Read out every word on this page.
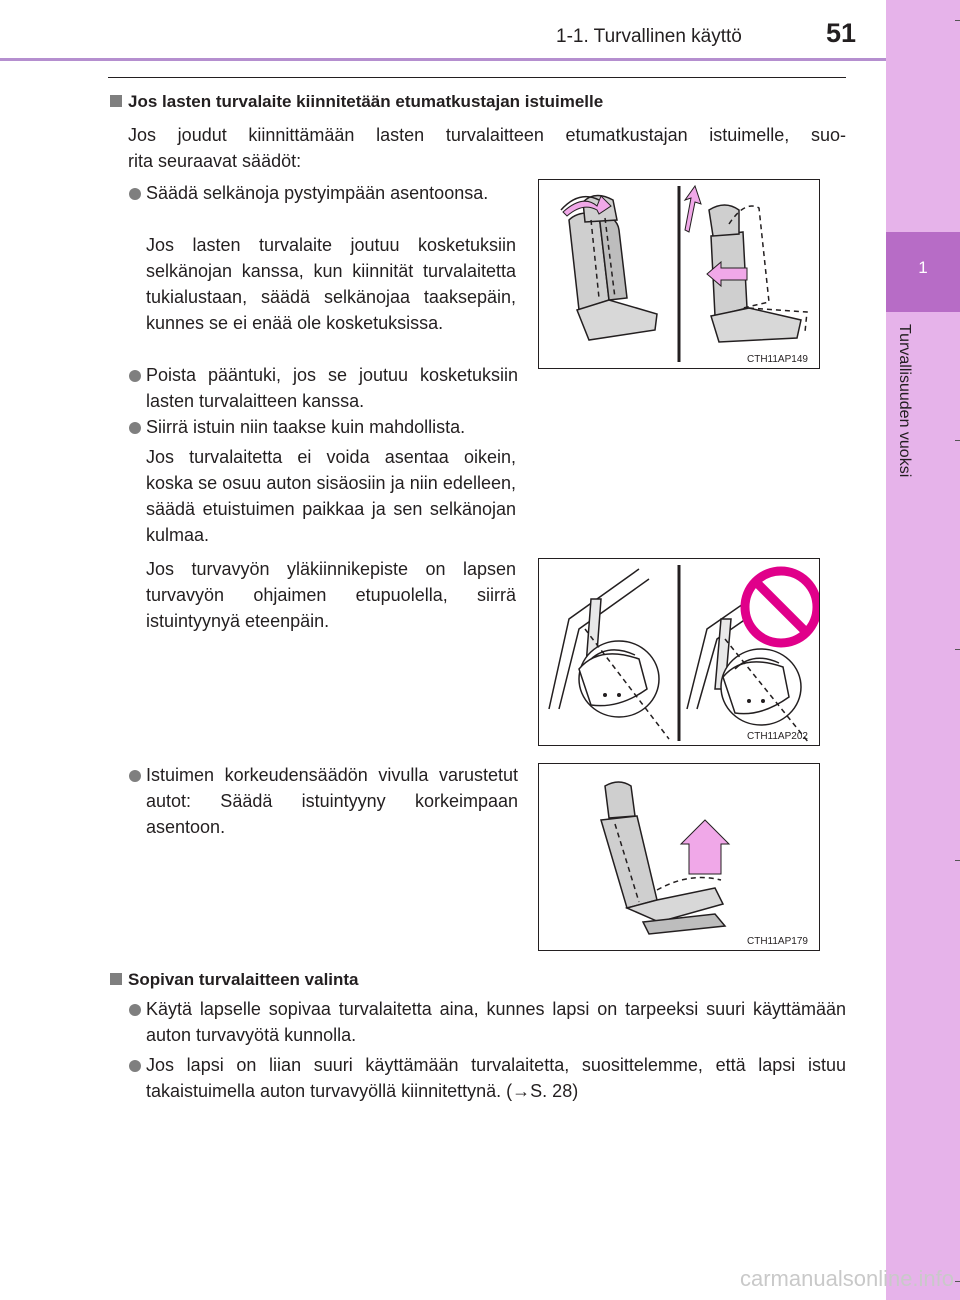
1-1. Turvallinen käyttö	51
1
Turvallisuuden vuoksi
Jos lasten turvalaite kiinnitetään etumatkustajan istuimelle
Jos joudut kiinnittämään lasten turvalaitteen etumatkustajan istuimelle, suo-
rita seuraavat säädöt:
Säädä selkänoja pystyimpään asentoonsa.
Jos lasten turvalaite joutuu kosketuksiin selkänojan kanssa, kun kiinnität turvalaitetta tukialustaan, säädä selkänojaa taaksepäin, kunnes se ei enää ole kosketuksissa.
Poista pääntuki, jos se joutuu kosketuksiin lasten turvalaitteen kanssa.
Siirrä istuin niin taakse kuin mahdollista.
Jos turvalaitetta ei voida asentaa oikein, koska se osuu auton sisäosiin ja niin edelleen, säädä etuistuimen paikkaa ja sen selkänojan kulmaa.
Jos turvavyön yläkiinnikepiste on lapsen turvavyön ohjaimen etupuolella, siirrä istuintyynyä eteenpäin.
Istuimen korkeudensäädön vivulla varustetut autot: Säädä istuintyyny korkeimpaan asentoon.
CTH11AP149
CTH11AP202
CTH11AP179
Sopivan turvalaitteen valinta
Käytä lapselle sopivaa turvalaitetta aina, kunnes lapsi on tarpeeksi suuri käyttämään auton turvavyötä kunnolla.
Jos lapsi on liian suuri käyttämään turvalaitetta, suosittelemme, että lapsi istuu takaistuimella auton turvavyöllä kiinnitettynä. (→S. 28)
carmanualsonline.info
